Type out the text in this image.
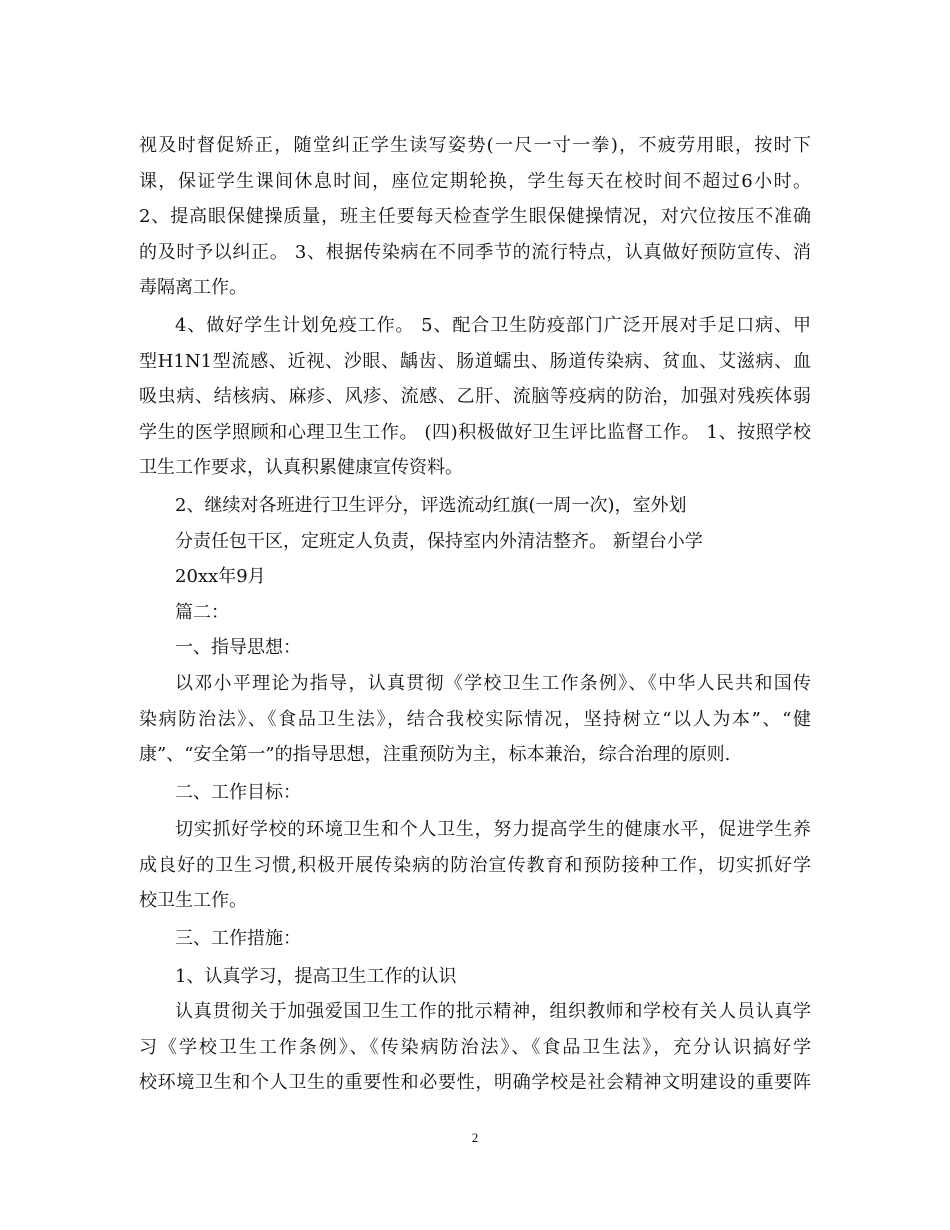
视及时督促矫正，随堂纠正学生读写姿势(一尺一寸一拳)，不疲劳用眼，按时下
课，保证学生课间休息时间，座位定期轮换，学生每天在校时间不超过6小时。
2、提高眼保健操质量，班主任要每天检查学生眼保健操情况，对穴位按压不准确
的及时予以纠正。 3、根据传染病在不同季节的流行特点，认真做好预防宣传、消
毒隔离工作。

4、做好学生计划免疫工作。 5、配合卫生防疫部门广泛开展对手足口病、甲
型H1N1型流感、近视、沙眼、龋齿、肠道蠕虫、肠道传染病、贫血、艾滋病、血
吸虫病、结核病、麻疹、风疹、流感、乙肝、流脑等疫病的防治，加强对残疾体弱
学生的医学照顾和心理卫生工作。 (四)积极做好卫生评比监督工作。 1、按照学校
卫生工作要求，认真积累健康宣传资料。

2、继续对各班进行卫生评分，评选流动红旗(一周一次)，室外划
分责任包干区，定班定人负责，保持室内外清洁整齐。 新望台小学
20xx年9月
篇二：
一、指导思想：
以邓小平理论为指导，认真贯彻《学校卫生工作条例》、《中华人民共和国传
染病防治法》、《食品卫生法》，结合我校实际情况，坚持树立“以人为本”、“健
康”、“安全第一”的指导思想，注重预防为主，标本兼治，综合治理的原则.

二、工作目标：

切实抓好学校的环境卫生和个人卫生，努力提高学生的健康水平，促进学生养
成良好的卫生习惯,积极开展传染病的防治宣传教育和预防接种工作，切实抓好学
校卫生工作。

三、工作措施：

1、认真学习，提高卫生工作的认识
认真贯彻关于加强爱国卫生工作的批示精神，组织教师和学校有关人员认真学
习《学校卫生工作条例》、《传染病防治法》、《食品卫生法》，充分认识搞好学
校环境卫生和个人卫生的重要性和必要性，明确学校是社会精神文明建设的重要阵

2
